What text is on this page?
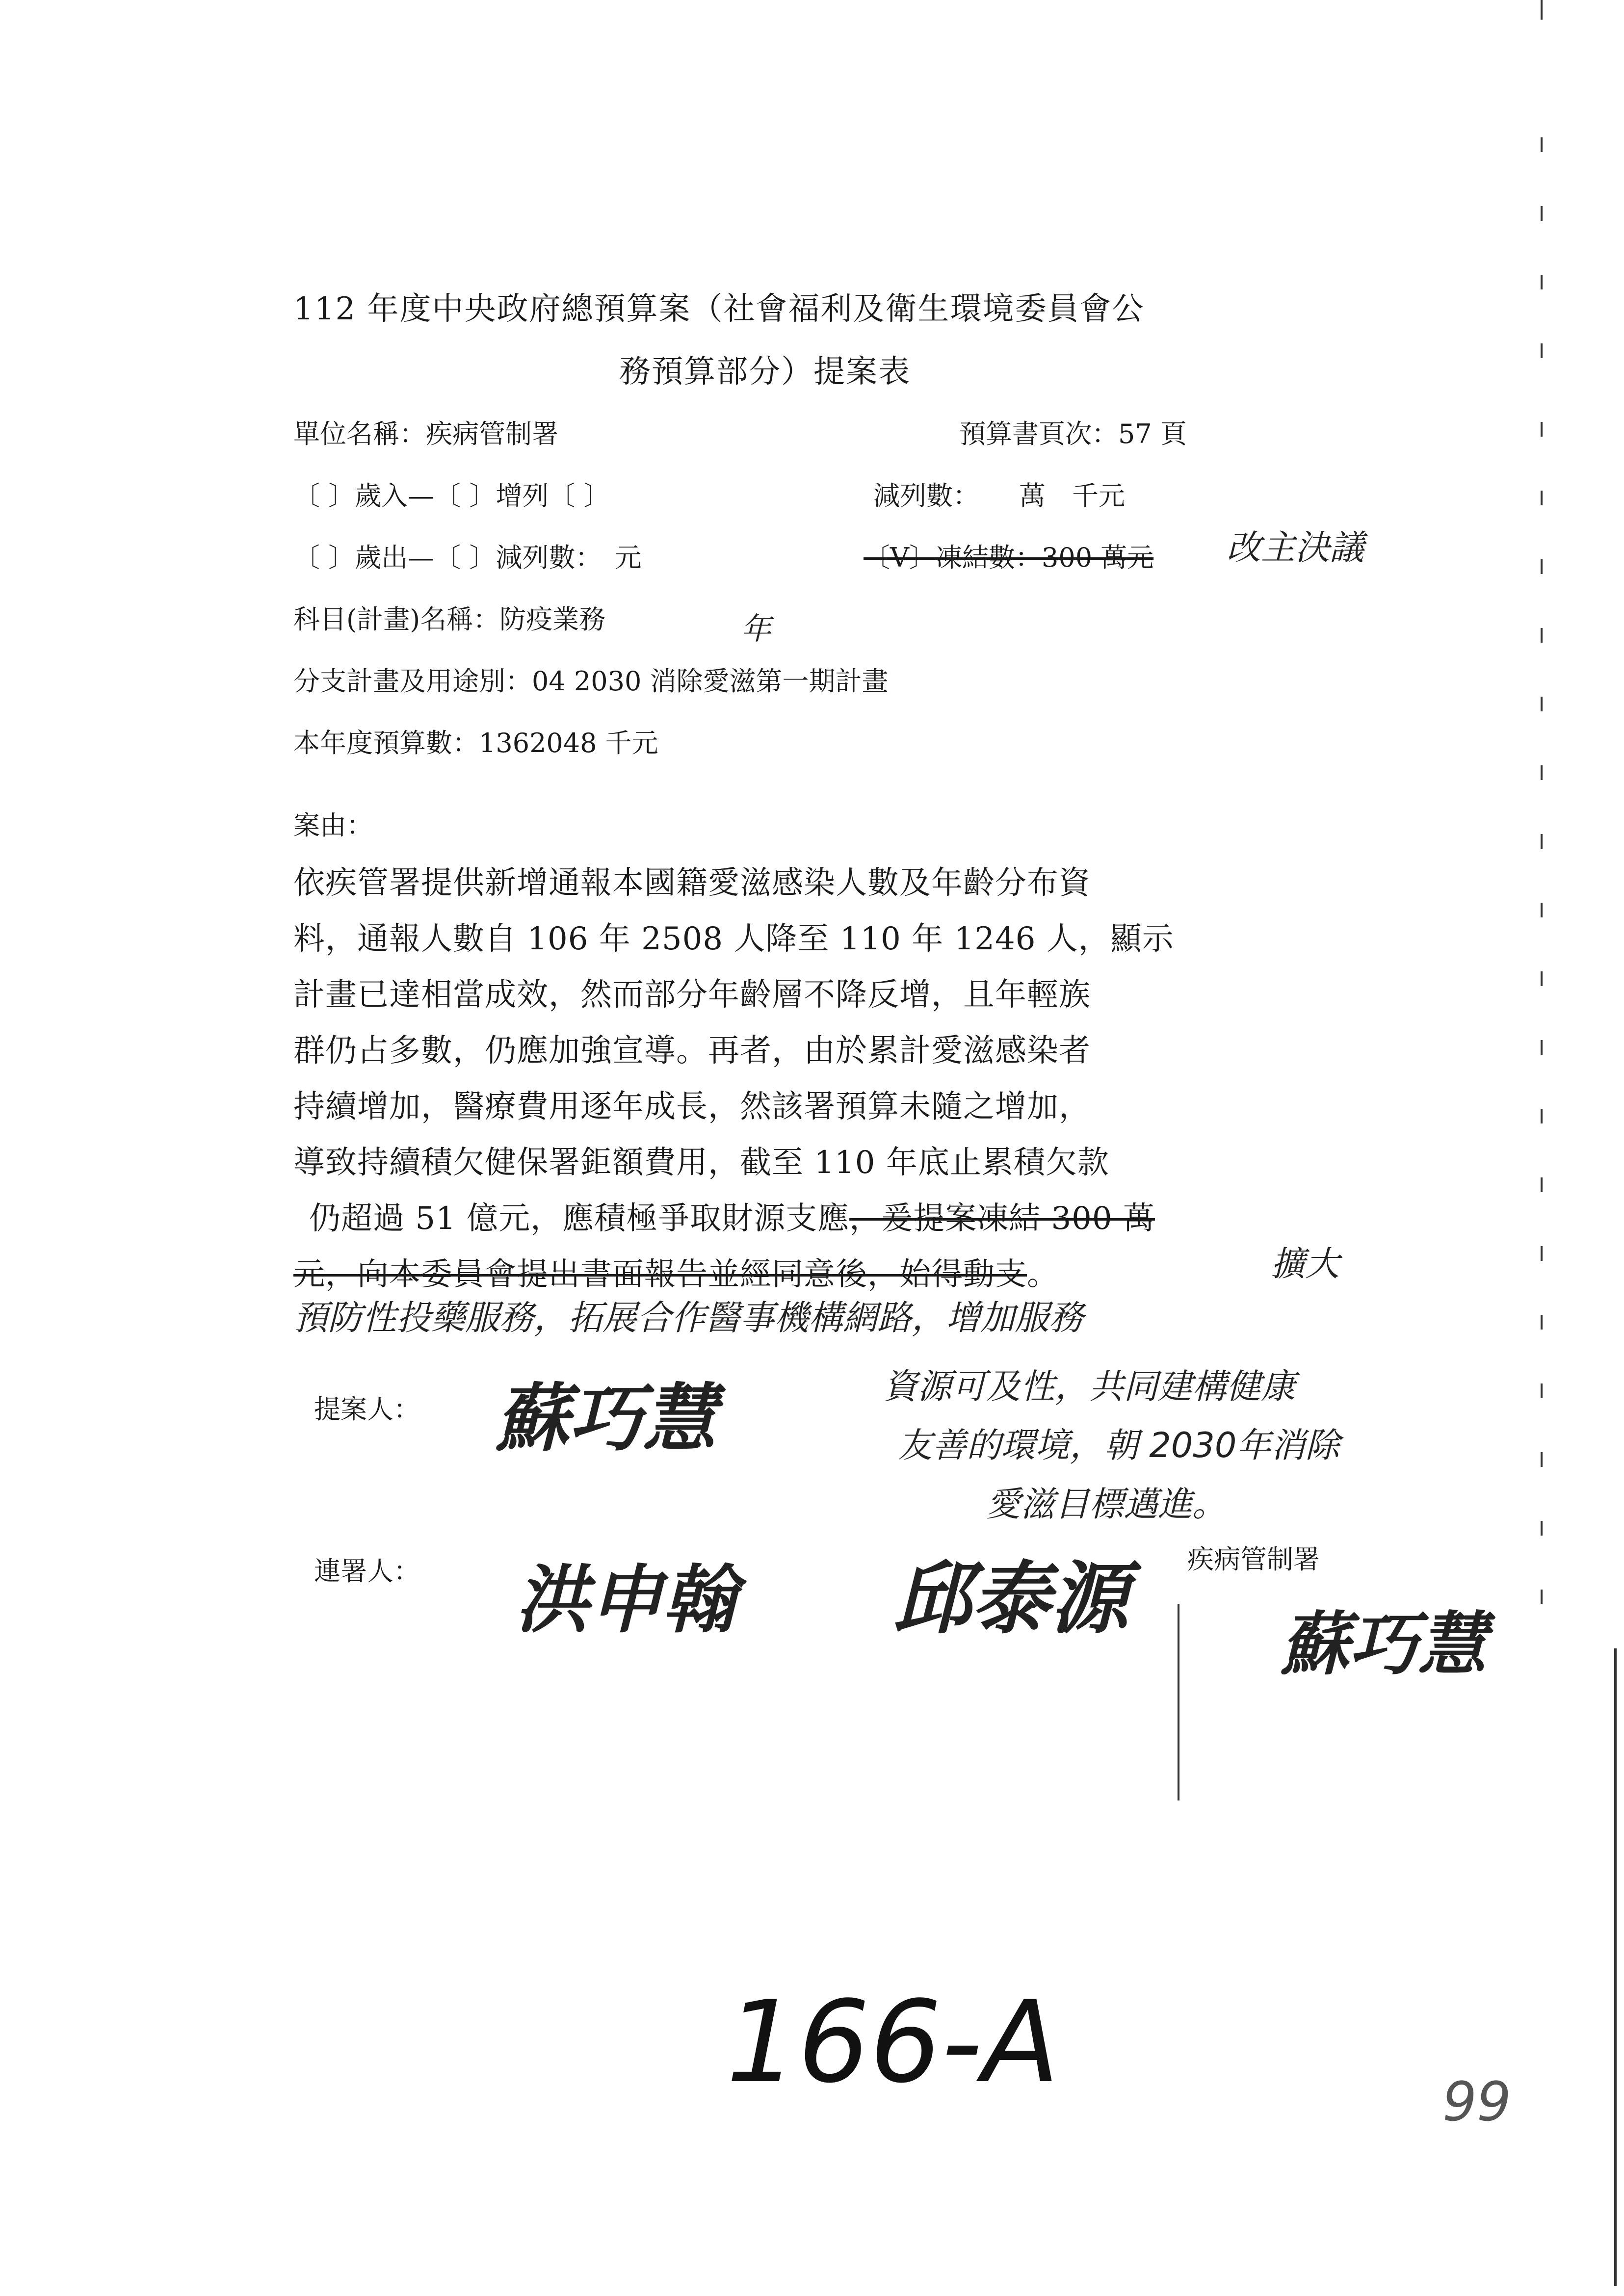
112 年度中央政府總預算案（社會福利及衛生環境委員會公
務預算部分）提案表
單位名稱：疾病管制署	預算書頁次：57 頁
〔 〕歲入—〔 〕增列〔 〕	減列數：　　萬　千元
〔 〕歲出—〔 〕減列數：　元	〔V〕凍結數：300 萬元 改主決議
科目(計畫)名稱：防疫業務	年
分支計畫及用途別：04 2030 消除愛滋第一期計畫
本年度預算數：1362048 千元
案由：
依疾管署提供新增通報本國籍愛滋感染人數及年齡分布資
料，通報人數自 106 年 2508 人降至 110 年 1246 人，顯示
計畫已達相當成效，然而部分年齡層不降反增，且年輕族
群仍占多數，仍應加強宣導。再者，由於累計愛滋感染者
持續增加，醫療費用逐年成長，然該署預算未隨之增加，
導致持續積欠健保署鉅額費用，截至 110 年底止累積欠款
仍超過 51 億元，應積極爭取財源支應，爰提案凍結 300 萬
元，向本委員會提出書面報告並經同意後，始得動支。	擴大
預防性投藥服務，拓展合作醫事機構網路，增加服務
資源可及性，共同建構健康
友善的環境，朝 2030年消除
愛滋目標邁進。
提案人： 蘇巧慧
連署人： 洪申翰 邱泰源 疾病管制署
蘇巧慧
166-A	99
